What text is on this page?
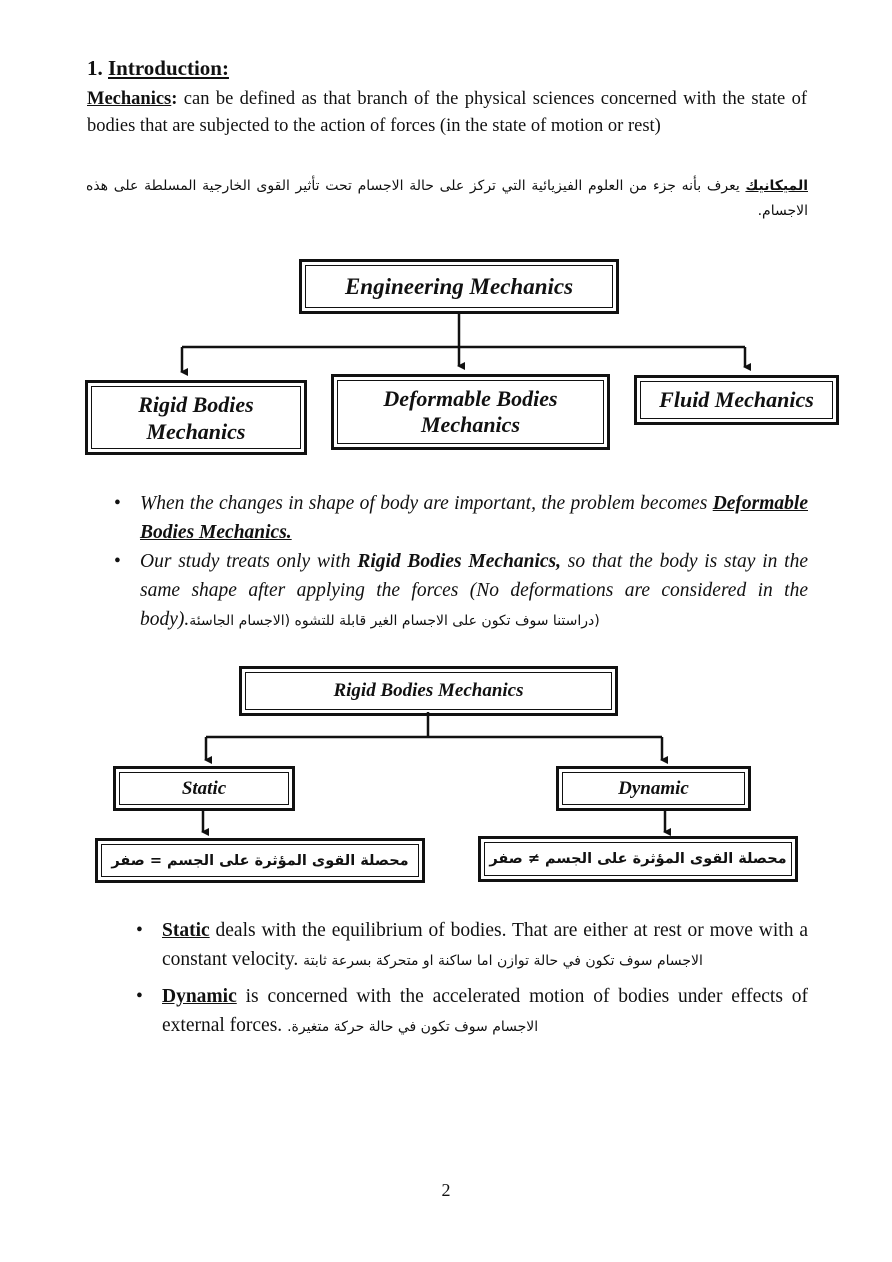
1. Introduction:

Mechanics: can be defined as that branch of the physical sciences concerned with the state of bodies that are subjected to the action of forces (in the state of motion or rest)

الميكانيك يعرف بأنه جزء من العلوم الفيزيائية التي تركز على حالة الاجسام تحت تأثير القوى الخارجية المسلطة على هذه الاجسام.

Engineering Mechanics
Rigid Bodies
Mechanics
Deformable Bodies
Mechanics
Fluid Mechanics
• When the changes in shape of body are important, the problem becomes Deformable Bodies Mechanics.
• Our study treats only with Rigid Bodies Mechanics, so that the body is stay in the same shape after applying the forces (No deformations are considered in the body).(دراستنا سوف تكون على الاجسام الغير قابلة للتشوه (الاجسام الجاسئة
Rigid Bodies Mechanics
Static	Dynamic
محصلة القوى المؤثرة على الجسم = صفر	محصلة القوى المؤثرة على الجسم ≠ صفر
• Static deals with the equilibrium of bodies. That are either at rest or move with a constant velocity. الاجسام سوف تكون في حالة توازن اما ساكنة او متحركة بسرعة ثابتة
• Dynamic is concerned with the accelerated motion of bodies under effects of external forces. الاجسام سوف تكون في حالة حركة متغيرة.
2
